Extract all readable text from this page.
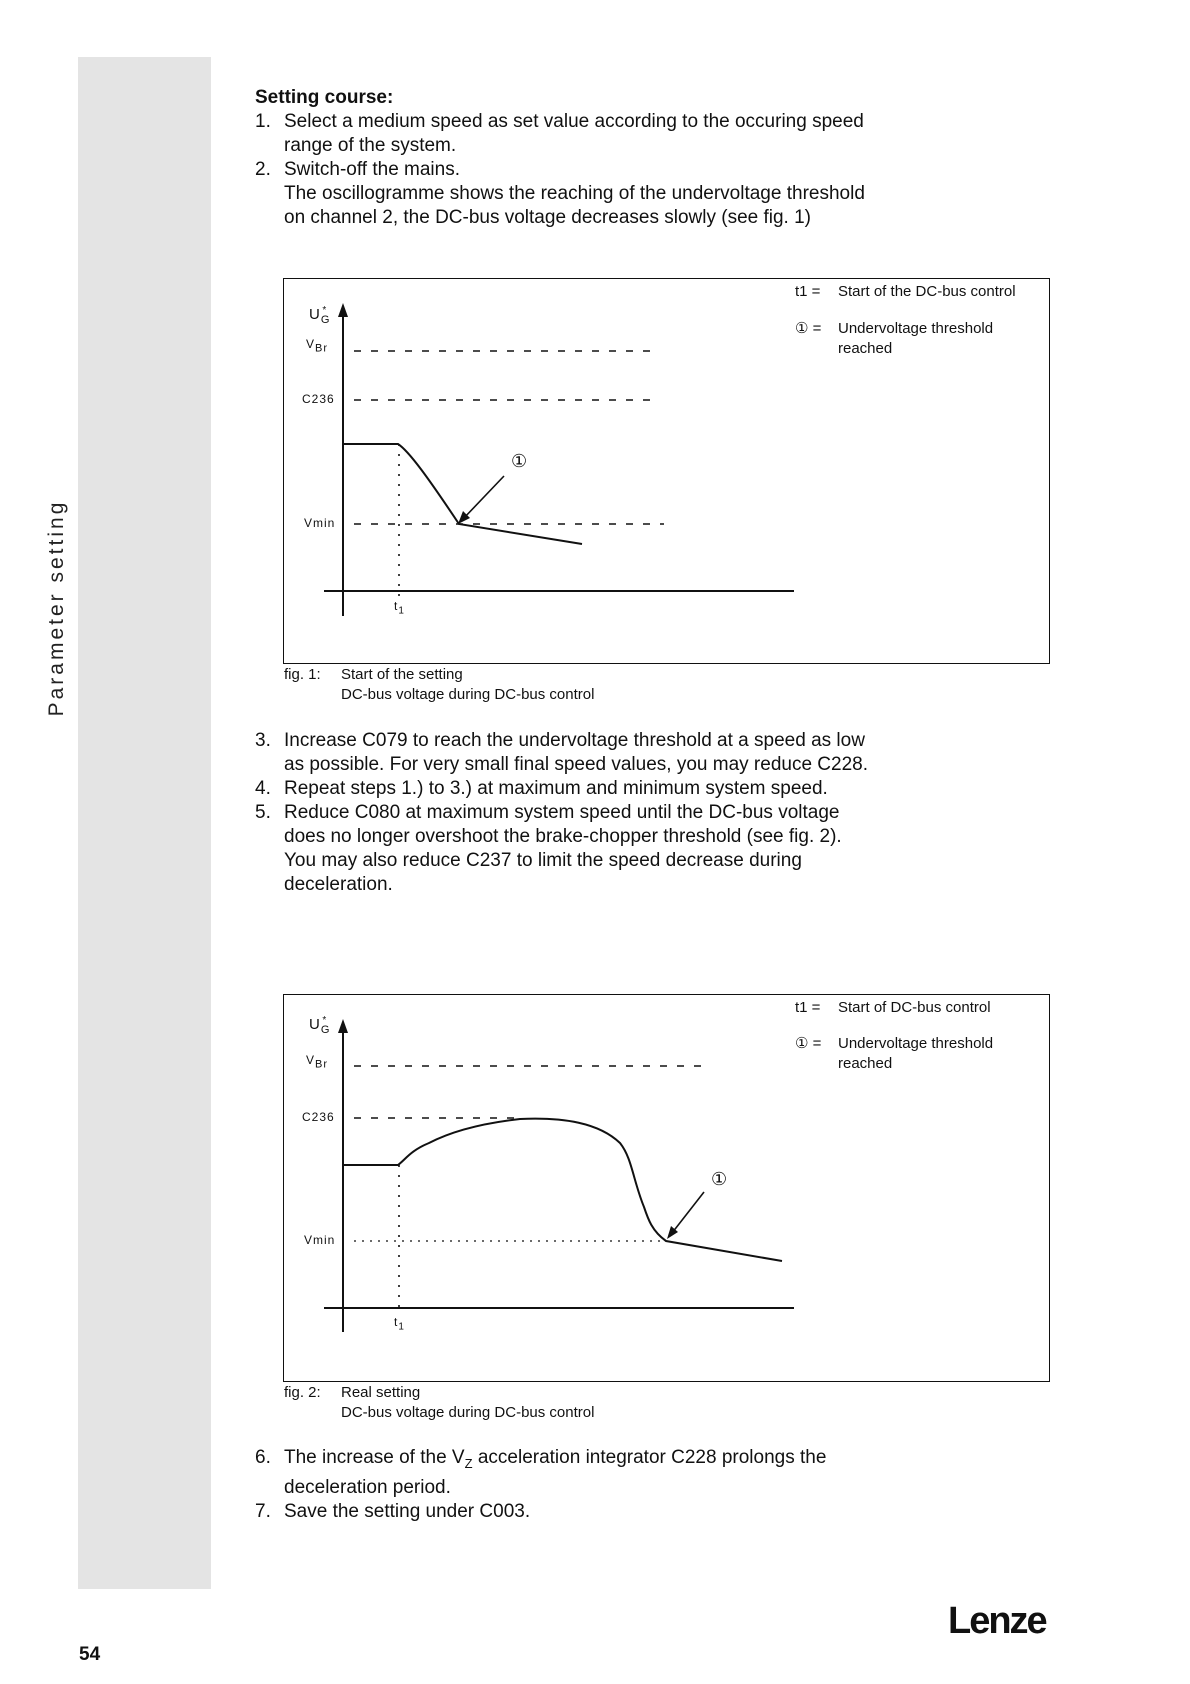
Parameter setting
Setting course:
1. Select a medium speed as set value according to the occuring speed range of the system.
2. Switch-off the mains.
The oscillogramme shows the reaching of the undervoltage threshold on channel 2, the DC-bus voltage decreases slowly (see fig. 1)
$U_G^*$
$V_{Br}$
C236
Vmin
$t_1$
①
t1 = Start of the DC-bus control
① = Undervoltage threshold reached
fig. 1: Start of the setting
DC-bus voltage during DC-bus control
3. Increase C079 to reach the undervoltage threshold at a speed as low as possible. For very small final speed values, you may reduce C228.
4. Repeat steps 1.) to 3.) at maximum and minimum system speed.
5. Reduce C080 at maximum system speed until the DC-bus voltage does no longer overshoot the brake-chopper threshold (see fig. 2).
You may also reduce C237 to limit the speed decrease during deceleration.
$U_G^*$
$V_{Br}$
C236
Vmin
$t_1$
①
t1 = Start of DC-bus control
① = Undervoltage threshold reached
fig. 2: Real setting
DC-bus voltage during DC-bus control
6. The increase of the $V_Z$ acceleration integrator C228 prolongs the deceleration period.
7. Save the setting under C003.
54
Lenze
